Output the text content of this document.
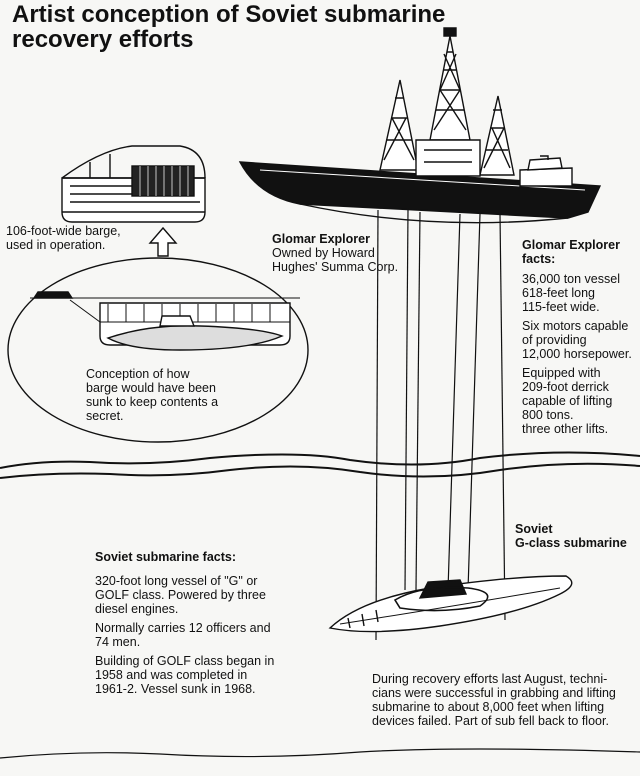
Artist conception of Soviet submarine

recovery efforts

106-foot-wide barge,

used in operation.

Conception of how

barge would have been

sunk to keep contents a

secret.

Glomar Explorer

Owned by Howard

Hughes' Summa Corp.

Glomar Explorer

facts:

36,000 ton vessel

618-feet long

115-feet wide.

Six motors capable

of providing

12,000 horsepower.

Equipped with

209-foot derrick

capable of lifting

800 tons.

three other lifts.

Soviet

G-class submarine

Soviet submarine facts:

320-foot long vessel of "G" or

GOLF class. Powered by three

diesel engines.

Normally carries 12 officers and

74 men.

Building of GOLF class began in

1958 and was completed in

1961-2. Vessel sunk in 1968.

During recovery efforts last August, techni-

cians were successful in grabbing and lifting

submarine to about 8,000 feet when lifting

devices failed. Part of sub fell back to floor.
